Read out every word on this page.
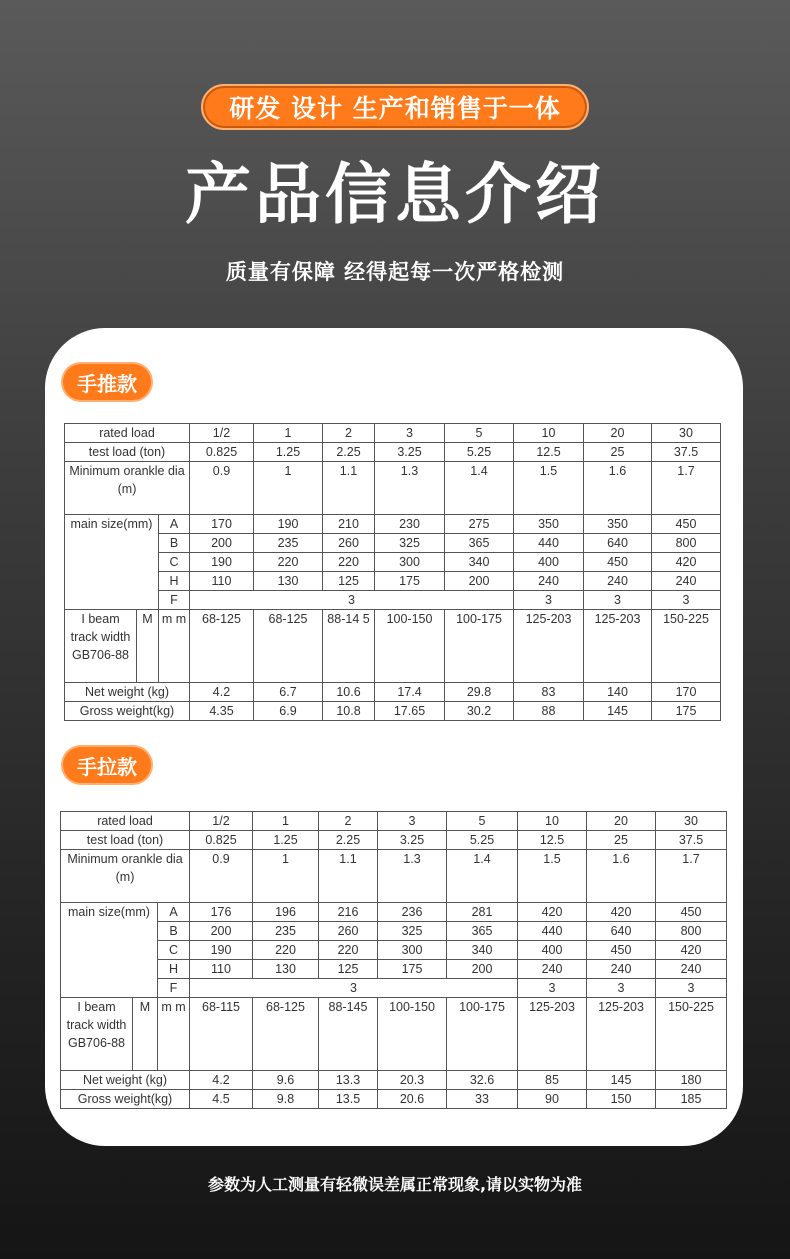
研发 设计 生产和销售于一体
产品信息介绍
质量有保障 经得起每一次严格检测
手推款
手拉款
rated load			1/2	1	2	3	5	10	20	30
test load (ton)			0.825	1.25	2.25	3.25	5.25	12.5	25	37.5
Minimum orankle dia (m)			0.9	1	1.1	1.3	1.4	1.5	1.6	1.7
main size(mm)		A	170	190	210	230	275	350	350	450
		B	200	235	260	325	365	440	640	800
		C	190	220	220	300	340	400	450	420
		H	110	130	125	175	200	240	240	240
		F	3					3	3	3
I beam track width GB706-88	M	m m	68-125	68-125	88-14 5	100-150	100-175	125-203	125-203	150-225
Net weight (kg)			4.2	6.7	10.6	17.4	29.8	83	140	170
Gross weight(kg)			4.35	6.9	10.8	17.65	30.2	88	145	175
rated load			1/2	1	2	3	5	10	20	30
test load (ton)			0.825	1.25	2.25	3.25	5.25	12.5	25	37.5
Minimum orankle dia (m)			0.9	1	1.1	1.3	1.4	1.5	1.6	1.7
main size(mm)		A	176	196	216	236	281	420	420	450
		B	200	235	260	325	365	440	640	800
		C	190	220	220	300	340	400	450	420
		H	110	130	125	175	200	240	240	240
		F	3					3	3	3
I beam track width GB706-88	M	m m	68-115	68-125	88-145	100-150	100-175	125-203	125-203	150-225
Net weight (kg)			4.2	9.6	13.3	20.3	32.6	85	145	180
Gross weight(kg)			4.5	9.8	13.5	20.6	33	90	150	185
参数为人工测量有轻微误差属正常现象,请以实物为准
